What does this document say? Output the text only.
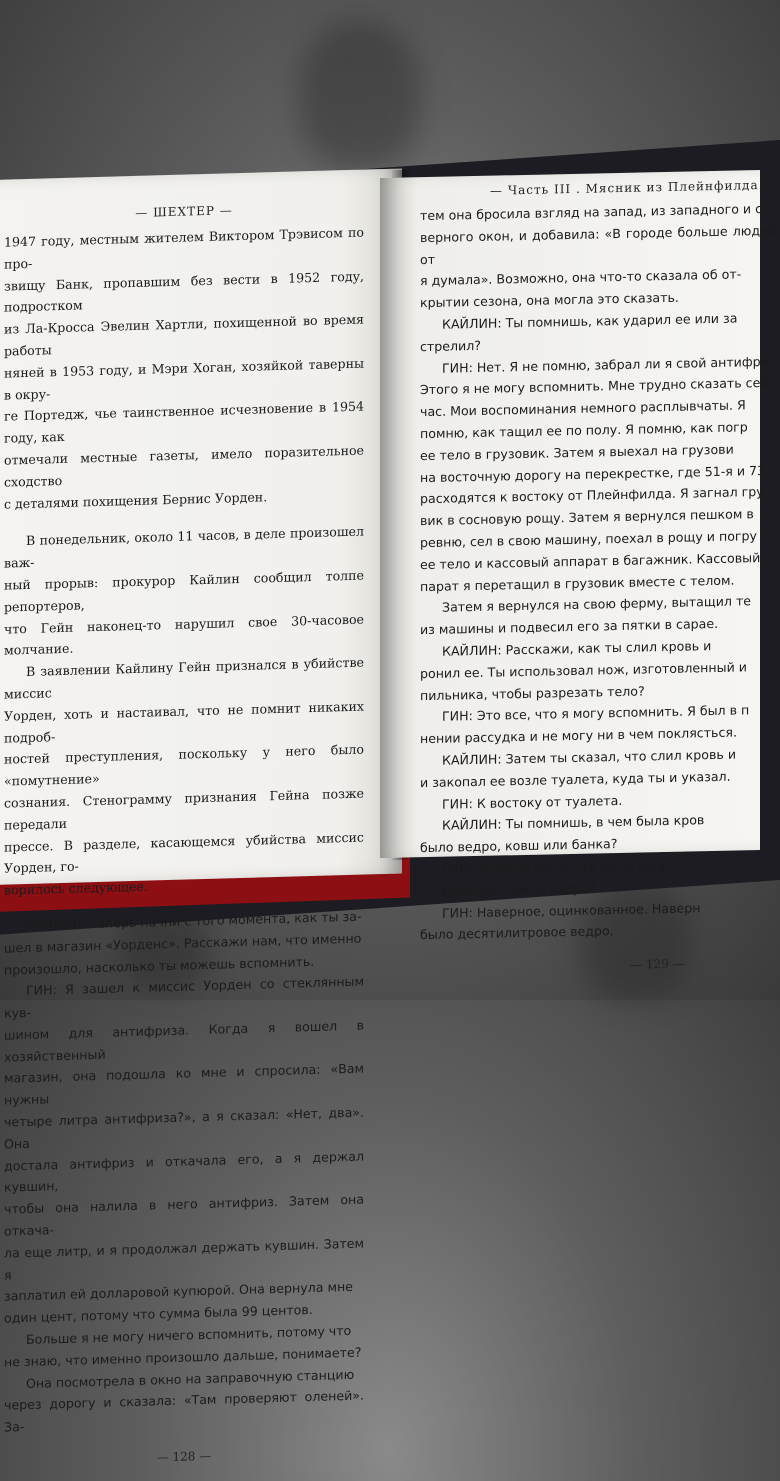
— ШЕХТЕР —

1947 году, местным жителем Виктором Трэвисом по про-

звищу Банк, пропавшим без вести в 1952 году, подростком

из Ла-Кросса Эвелин Хартли, похищенной во время работы

няней в 1953 году, и Мэри Хоган, хозяйкой таверны в окру-

ге Портедж, чье таинственное исчезновение в 1954 году, как

отмечали местные газеты, имело поразительное сходство

с деталями похищения Бернис Уорден.

В понедельник, около 11 часов, в деле произошел важ-

ный прорыв: прокурор Кайлин сообщил толпе репортеров,

что Гейн наконец-то нарушил свое 30-часовое молчание.

В заявлении Кайлину Гейн признался в убийстве миссис

Уорден, хоть и настаивал, что не помнит никаких подроб-

ностей преступления, поскольку у него было «помутнение»

сознания. Стенограмму признания Гейна позже передали

прессе. В разделе, касающемся убийства миссис Уорден, го-

ворилось следующее.

КАЙЛИН: Теперь начни с того момента, как ты за-

шел в магазин «Уорденс». Расскажи нам, что именно

произошло, насколько ты можешь вспомнить.

ГИН: Я зашел к миссис Уорден со стеклянным кув-

шином для антифриза. Когда я вошел в хозяйственный

магазин, она подошла ко мне и спросила: «Вам нужны

четыре литра антифриза?», а я сказал: «Нет, два». Она

достала антифриз и откачала его, а я держал кувшин,

чтобы она налила в него антифриз. Затем она откача-

ла еще литр, и я продолжал держать кувшин. Затем я

заплатил ей долларовой купюрой. Она вернула мне

один цент, потому что сумма была 99 центов.

Больше я не могу ничего вспомнить, потому что

не знаю, что именно произошло дальше, понимаете?

Она посмотрела в окно на заправочную станцию

через дорогу и сказала: «Там проверяют оленей». За-

— 128 —

— Часть III . Мясник из Плейнфилда —

тем она бросила взгляд на запад, из западного и се-

верного окон, и добавила: «В городе больше людей, от

я думала». Возможно, она что-то сказала об от-

крытии сезона, она могла это сказать.

КАЙЛИН: Ты помнишь, как ударил ее или за

стрелил?

ГИН: Нет. Я не помню, забрал ли я свой антифриз.

Этого я не могу вспомнить. Мне трудно сказать сей

час. Мои воспоминания немного расплывчаты. Я

помню, как тащил ее по полу. Я помню, как погр

ее тело в грузовик. Затем я выехал на грузови

на восточную дорогу на перекрестке, где 51-я и 73

расходятся к востоку от Плейнфилда. Я загнал гру

вик в сосновую рощу. Затем я вернулся пешком в

ревню, сел в свою машину, поехал в рощу и погру

ее тело и кассовый аппарат в багажник. Кассовый

парат я перетащил в грузовик вместе с телом.

Затем я вернулся на свою ферму, вытащил те

из машины и подвесил его за пятки в сарае.

КАЙЛИН: Расскажи, как ты слил кровь и

ронил ее. Ты использовал нож, изготовленный и

пильника, чтобы разрезать тело?

ГИН: Это все, что я могу вспомнить. Я был в п

нении рассудка и не могу ни в чем поклясться.

КАЙЛИН: Затем ты сказал, что слил кровь и

и закопал ее возле туалета, куда ты и указал.

ГИН: К востоку от туалета.

КАЙЛИН: Ты помнишь, в чем была кров

было ведро, ковш или банка?

ГИН: Должно быть, это было ведро.

КАЙЛИН: Какое ведро?

ГИН: Наверное, оцинкованное. Наверн

было десятилитровое ведро.

— 129 —
